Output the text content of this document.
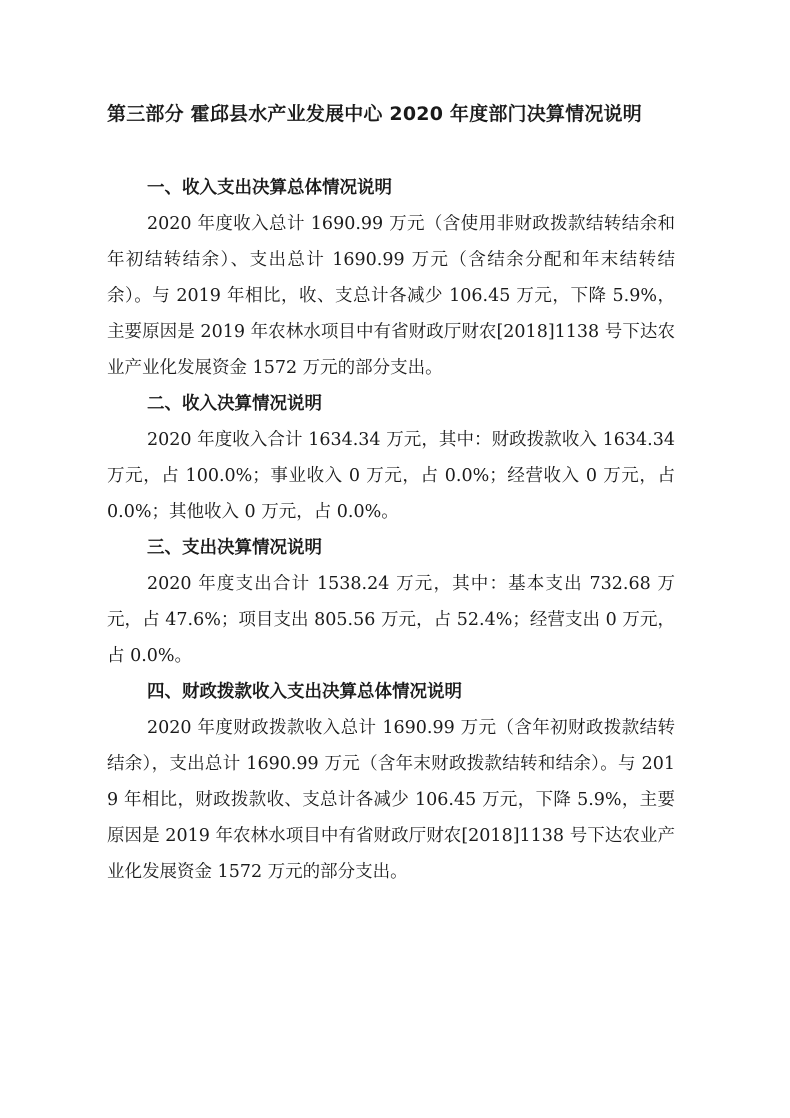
第三部分 霍邱县水产业发展中心 2020 年度部门决算情况说明
一、收入支出决算总体情况说明

2020 年度收入总计 1690.99 万元（含使用非财政拨款结转结余和年初结转结余）、支出总计 1690.99 万元（含结余分配和年末结转结余）。与 2019 年相比，收、支总计各减少 106.45 万元，下降 5.9%，主要原因是 2019 年农林水项目中有省财政厅财农[2018]1138 号下达农业产业化发展资金 1572 万元的部分支出。

二、收入决算情况说明

2020 年度收入合计 1634.34 万元，其中：财政拨款收入 1634.34 万元，占 100.0%；事业收入 0 万元，占 0.0%；经营收入 0 万元，占 0.0%；其他收入 0 万元，占 0.0%。

三、支出决算情况说明

2020 年度支出合计 1538.24 万元，其中：基本支出 732.68 万元，占 47.6%；项目支出 805.56 万元，占 52.4%；经营支出 0 万元，占 0.0%。

四、财政拨款收入支出决算总体情况说明

2020 年度财政拨款收入总计 1690.99 万元（含年初财政拨款结转结余），支出总计 1690.99 万元（含年末财政拨款结转和结余）。与 2019 年相比，财政拨款收、支总计各减少 106.45 万元，下降 5.9%，主要原因是 2019 年农林水项目中有省财政厅财农[2018]1138 号下达农业产业化发展资金 1572 万元的部分支出。
